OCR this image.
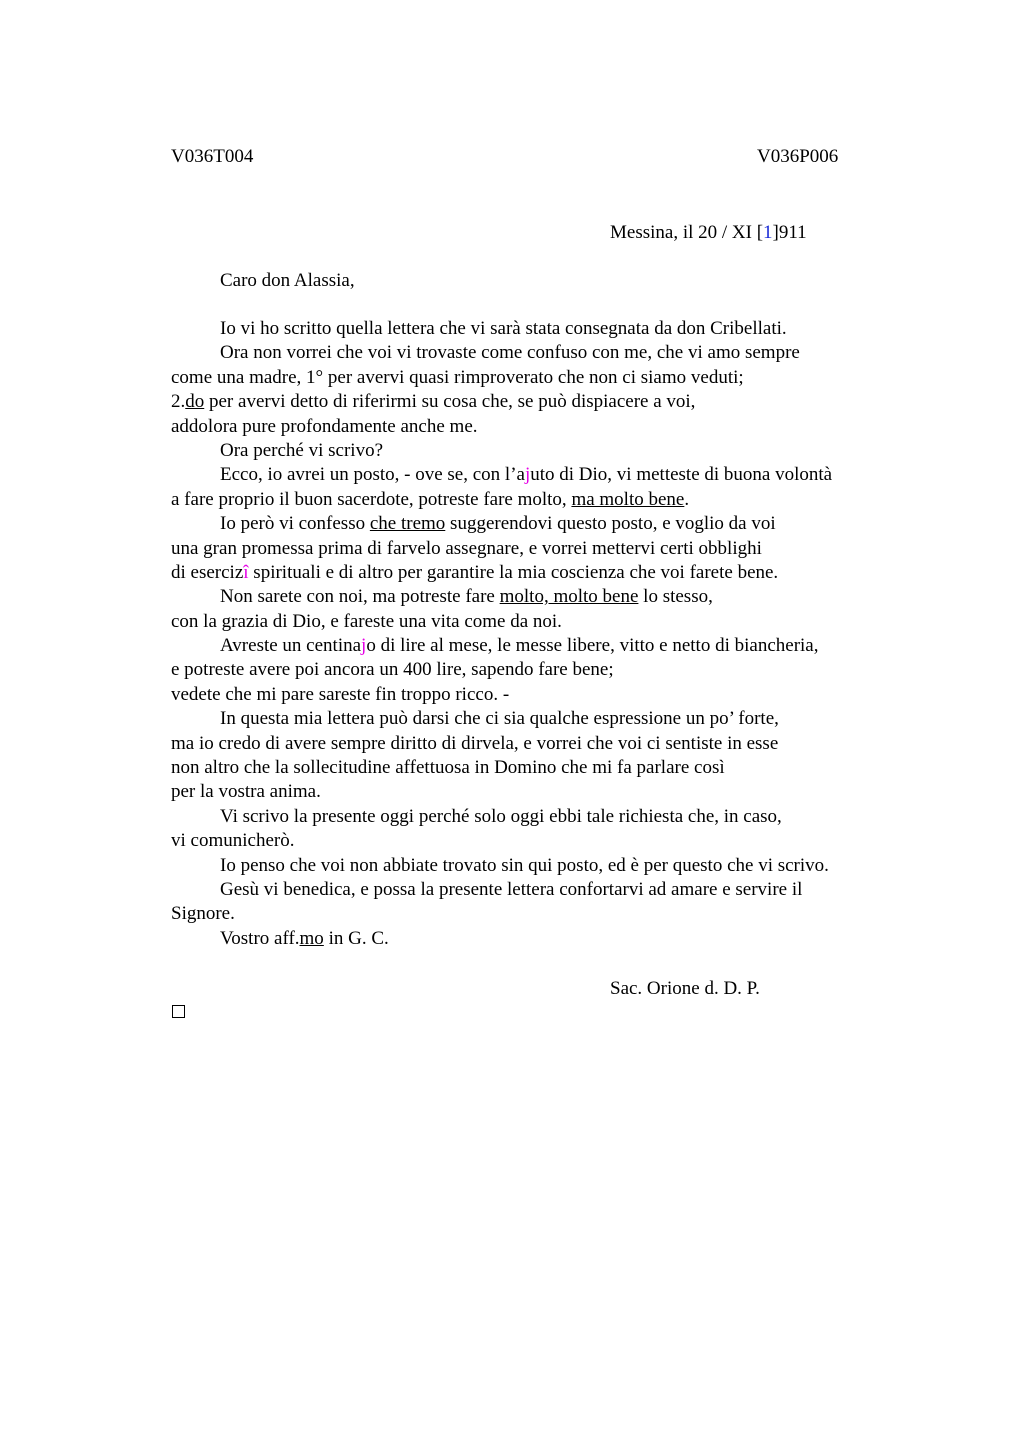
V036T004	V036P006
Messina, il 20 / XI [1]911
Caro don Alassia,
Io vi ho scritto quella lettera che vi sarà stata consegnata da don Cribellati.
Ora non vorrei che voi vi trovaste come confuso con me, che vi amo sempre
come una madre, 1° per avervi quasi rimproverato che non ci siamo veduti;
2.do per avervi detto di riferirmi su cosa che, se può dispiacere a voi,
addolora pure profondamente anche me.
Ora perché vi scrivo?
Ecco, io avrei un posto, - ove se, con l’ajuto di Dio, vi metteste di buona volontà
a fare proprio il buon sacerdote, potreste fare molto, ma molto bene.
Io però vi confesso che tremo suggerendovi questo posto, e voglio da voi
una gran promessa prima di farvelo assegnare, e vorrei mettervi certi obblighi
di esercizî spirituali e di altro per garantire la mia coscienza che voi farete bene.
Non sarete con noi, ma potreste fare molto, molto bene lo stesso,
con la grazia di Dio, e fareste una vita come da noi.
Avreste un centinajo di lire al mese, le messe libere, vitto e netto di biancheria,
e potreste avere poi ancora un 400 lire, sapendo fare bene;
vedete che mi pare sareste fin troppo ricco. -
In questa mia lettera può darsi che ci sia qualche espressione un po’ forte,
ma io credo di avere sempre diritto di dirvela, e vorrei che voi ci sentiste in esse
non altro che la sollecitudine affettuosa in Domino che mi fa parlare così
per la vostra anima.
Vi scrivo la presente oggi perché solo oggi ebbi tale richiesta che, in caso,
vi comunicherò.
Io penso che voi non abbiate trovato sin qui posto, ed è per questo che vi scrivo.
Gesù vi benedica, e possa la presente lettera confortarvi ad amare e servire il
Signore.
Vostro aff.mo in G. C.
Sac. Orione d. D. P.
